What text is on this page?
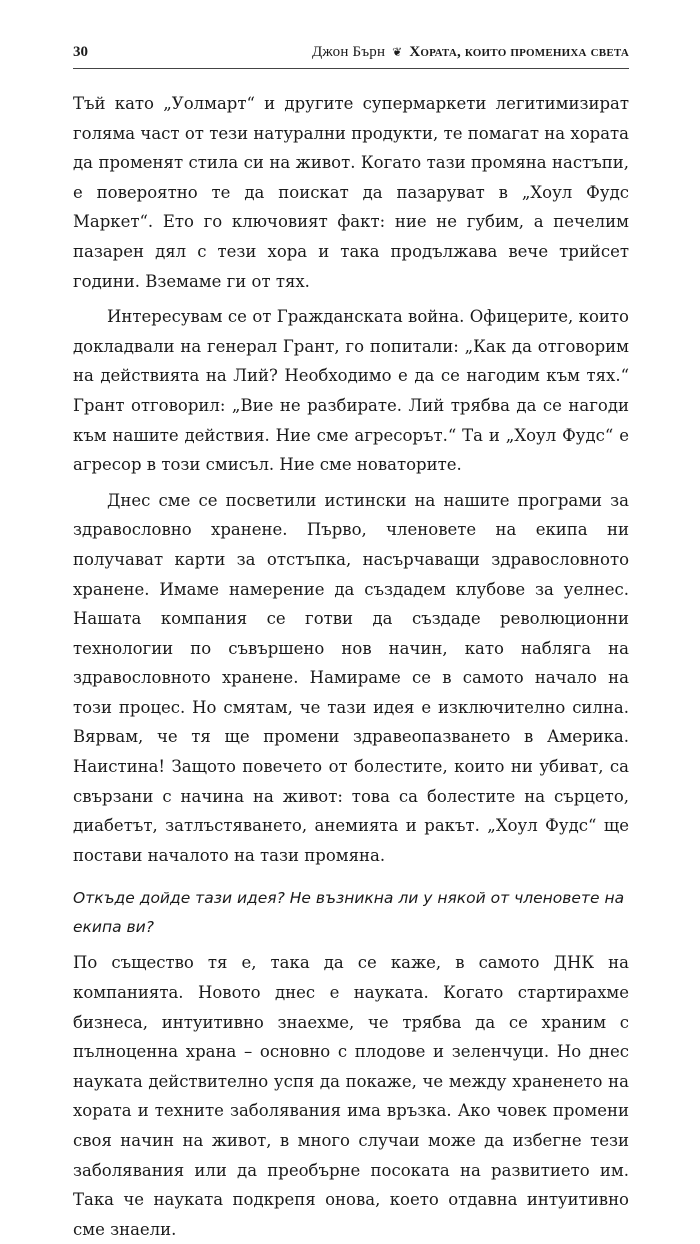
30	Джон Бърн ❦ Хората, които промениха света

Тъй като „Уолмарт“ и другите супермаркети легитимизират голяма част от тези натурални продукти, те помагат на хората да променят стила си на живот. Когато тази промяна настъпи, е повероятно те да поискат да пазаруват в „Хоул Фудс Маркет“. Ето го ключовият факт: ние не губим, а печелим пазарен дял с тези хора и така продължава вече трийсет години. Вземаме ги от тях.

Интересувам се от Гражданската война. Офицерите, които докладвали на генерал Грант, го попитали: „Как да отговорим на действията на Лий? Необходимо е да се нагодим към тях.“ Грант отговорил: „Вие не разбирате. Лий трябва да се нагоди към нашите действия. Ние сме агресорът.“ Та и „Хоул Фудс“ е агресор в този смисъл. Ние сме новаторите.

Днес сме се посветили истински на нашите програми за здравословно хранене. Първо, членовете на екипа ни получават карти за отстъпка, насърчаващи здравословното хранене. Имаме намерение да създадем клубове за уелнес. Нашата компания се готви да създаде революционни технологии по съвършено нов начин, като набляга на здравословното хранене. Намираме се в самото начало на този процес. Но смятам, че тази идея е изключително силна. Вярвам, че тя ще промени здравеопазването в Америка. Наистина! Защото повечето от болестите, които ни убиват, са свързани с начина на живот: това са болестите на сърцето, диабетът, затлъстяването, анемията и ракът. „Хоул Фудс“ ще постави началото на тази промяна.

Откъде дойде тази идея? Не възникна ли у някой от членовете на екипа ви?

По същество тя е, така да се каже, в самото ДНК на компанията. Новото днес е науката. Когато стартирахме бизнеса, интуитивно знаехме, че трябва да се храним с пълноценна храна – основно с плодове и зеленчуци. Но днес науката действително успя да покаже, че между храненето на хората и техните заболявания има връзка. Ако човек промени своя начин на живот, в много случаи може да избегне тези заболявания или да преобърне посоката на развитието им. Така че науката подкрепя онова, което отдавна интуитивно сме знаели.
